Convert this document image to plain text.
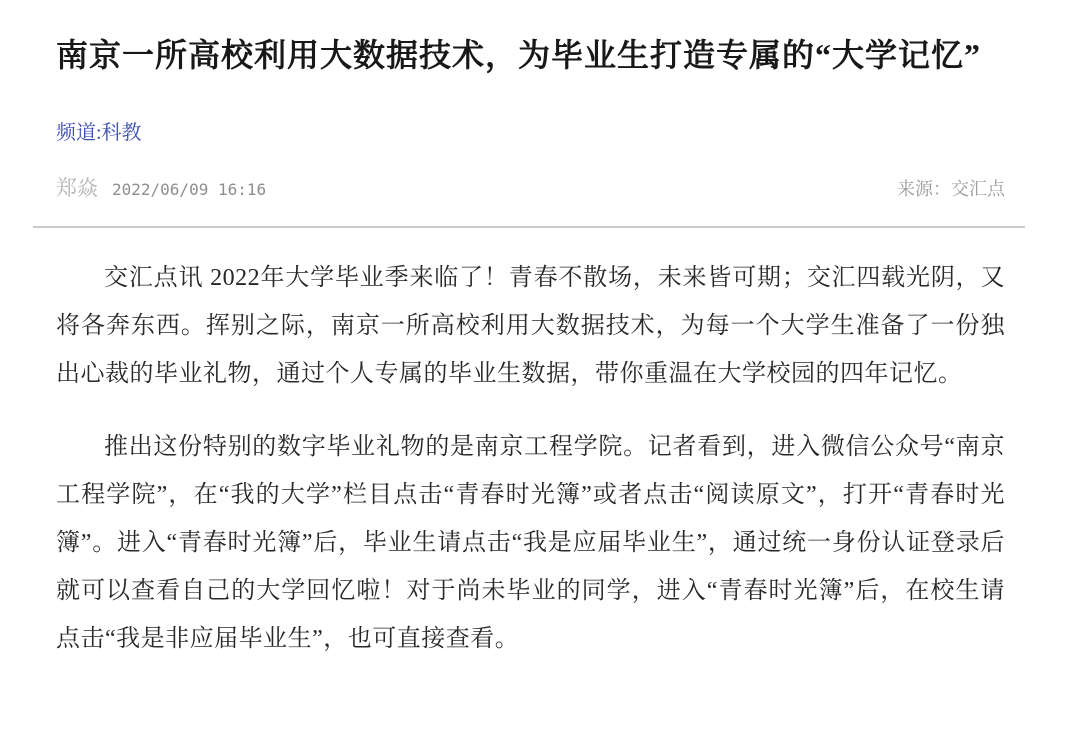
南京一所高校利用大数据技术，为毕业生打造专属的“大学记忆”
频道:科教
郑焱 2022/06/09 16:16	来源：交汇点

交汇点讯 2022年大学毕业季来临了！青春不散场，未来皆可期；交汇四载光阴，又将各奔东西。挥别之际，南京一所高校利用大数据技术，为每一个大学生准备了一份独出心裁的毕业礼物，通过个人专属的毕业生数据，带你重温在大学校园的四年记忆。

推出这份特别的数字毕业礼物的是南京工程学院。记者看到，进入微信公众号“南京工程学院”，在“我的大学”栏目点击“青春时光簿”或者点击“阅读原文”，打开“青春时光簿”。进入“青春时光簿”后，毕业生请点击“我是应届毕业生”，通过统一身份认证登录后就可以查看自己的大学回忆啦！对于尚未毕业的同学，进入“青春时光簿”后，在校生请点击“我是非应届毕业生”，也可直接查看。
